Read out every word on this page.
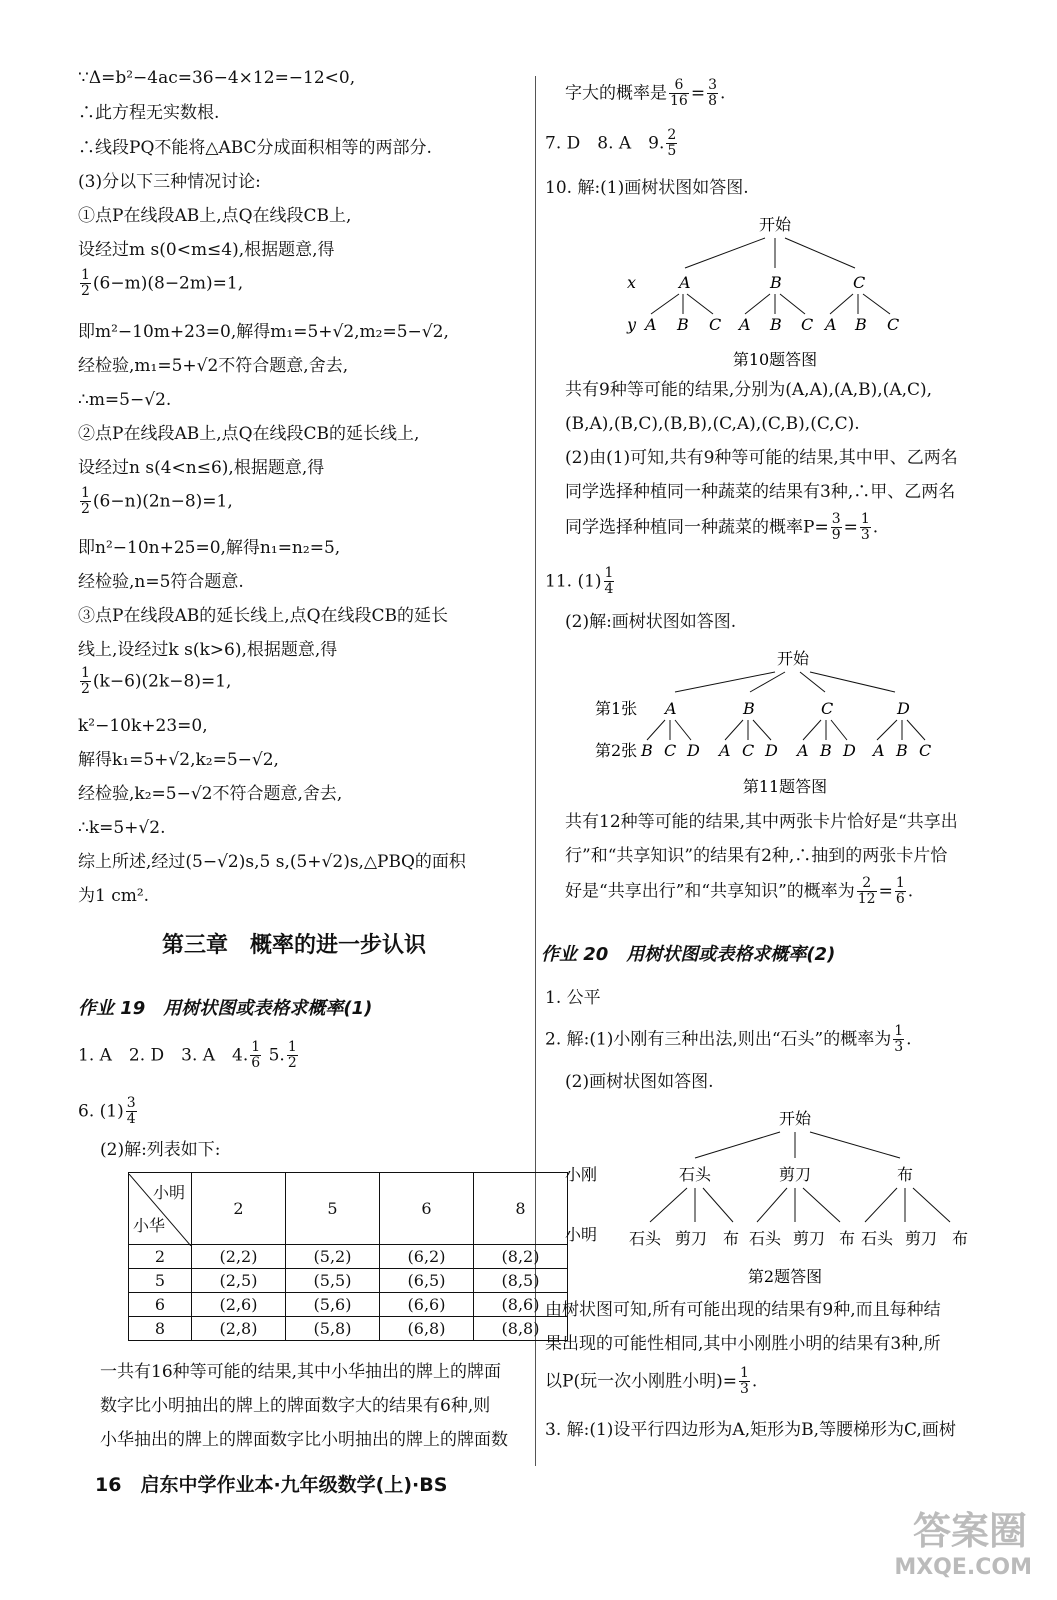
∵Δ=b²−4ac=36−4×12=−12<0,
∴此方程无实数根.
∴线段PQ不能将△ABC分成面积相等的两部分.
(3)分以下三种情况讨论:
①点P在线段AB上,点Q在线段CB上,
设经过m s(0<m≤4),根据题意,得
$\frac{1}{2} (6-m)(8-2m)=1$,
即m²−10m+23=0,解得m₁=5+√2,m₂=5−√2,
经检验,m₁=5+√2不符合题意,舍去,
∴m=5−√2.
②点P在线段AB上,点Q在线段CB的延长线上,
设经过n s(4<n≤6),根据题意,得
$\frac{1}{2} (6-n)(2n-8)=1$,
即n²−10n+25=0,解得n₁=n₂=5,
经检验,n=5符合题意.
③点P在线段AB的延长线上,点Q在线段CB的延长
线上,设经过k s(k>6),根据题意,得
$\frac{1}{2} (k-6)(2k-8)=1$,
k²−10k+23=0,
解得k₁=5+√2,k₂=5−√2,
经检验,k₂=5−√2不符合题意,舍去,
∴k=5+√2.
综上所述,经过(5−√2)s,5 s,(5+√2)s,△PBQ的面积
为1 cm².
第三章　概率的进一步认识
作业 19　用树状图或表格求概率(1)
1. A　2. D　3. A　4. $\frac{1}{6} 5$. $\frac{1}{2}$
6. $(1) \frac{3}{4}$
(2)解:列表如下:
小明
小华	2	5	6	8
2	(2,2)	(5,2)	(6,2)	(8,2)
5	(2,5)	(5,5)	(6,5)	(8,5)
6	(2,6)	(5,6)	(6,6)	(8,6)
8	(2,8)	(5,8)	(6,8)	(8,8)
一共有16种等可能的结果,其中小华抽出的牌上的牌面
数字比小明抽出的牌上的牌面数字大的结果有6种,则
小华抽出的牌上的牌面数字比小明抽出的牌上的牌面数
字大的概率是 $\frac{6}{16} = \frac{3}{8}$ .
7. D　8. A　9. $\frac{2}{5}$
10. 解:(1)画树状图如答图.
开始
x	A	B	C
y A B C A B C A B C
第10题答图
共有9种等可能的结果,分别为(A,A),(A,B),(A,C),
(B,A),(B,C),(B,B),(C,A),(C,B),(C,C).
(2)由(1)可知,共有9种等可能的结果,其中甲、乙两名
同学选择种植同一种蔬菜的结果有3种,∴甲、乙两名
同学选择种植同一种蔬菜的概率$P= \frac{3}{9} = \frac{1}{3}$ .
11. $(1) \frac{1}{4}$
(2)解:画树状图如答图.
开始
第1张 A	B	C	D
第2张 B C D A C D A B D A B C
第11题答图
共有12种等可能的结果,其中两张卡片恰好是“共享出
行”和“共享知识”的结果有2种,∴抽到的两张卡片恰
好是“共享出行”和“共享知识”的概率为 $\frac{2}{12} = \frac{1}{6}$ .
作业 20　用树状图或表格求概率(2)
1. 公平
2. 解:(1)小刚有三种出法,则出“石头”的概率为 $\frac{1}{3}$ .
(2)画树状图如答图.
开始
小刚	石头	剪刀	布
小明 石头 剪刀 布 石头 剪刀 布 石头 剪刀 布
第2题答图
由树状图可知,所有可能出现的结果有9种,而且每种结
果出现的可能性相同,其中小刚胜小明的结果有3种,所
以P(玩一次小刚胜小明)= $\frac{1}{3}$ .
3. 解:(1)设平行四边形为A,矩形为B,等腰梯形为C,画树
16　启东中学作业本·九年级数学(上)·BS
答案圈
MXQE.COM
